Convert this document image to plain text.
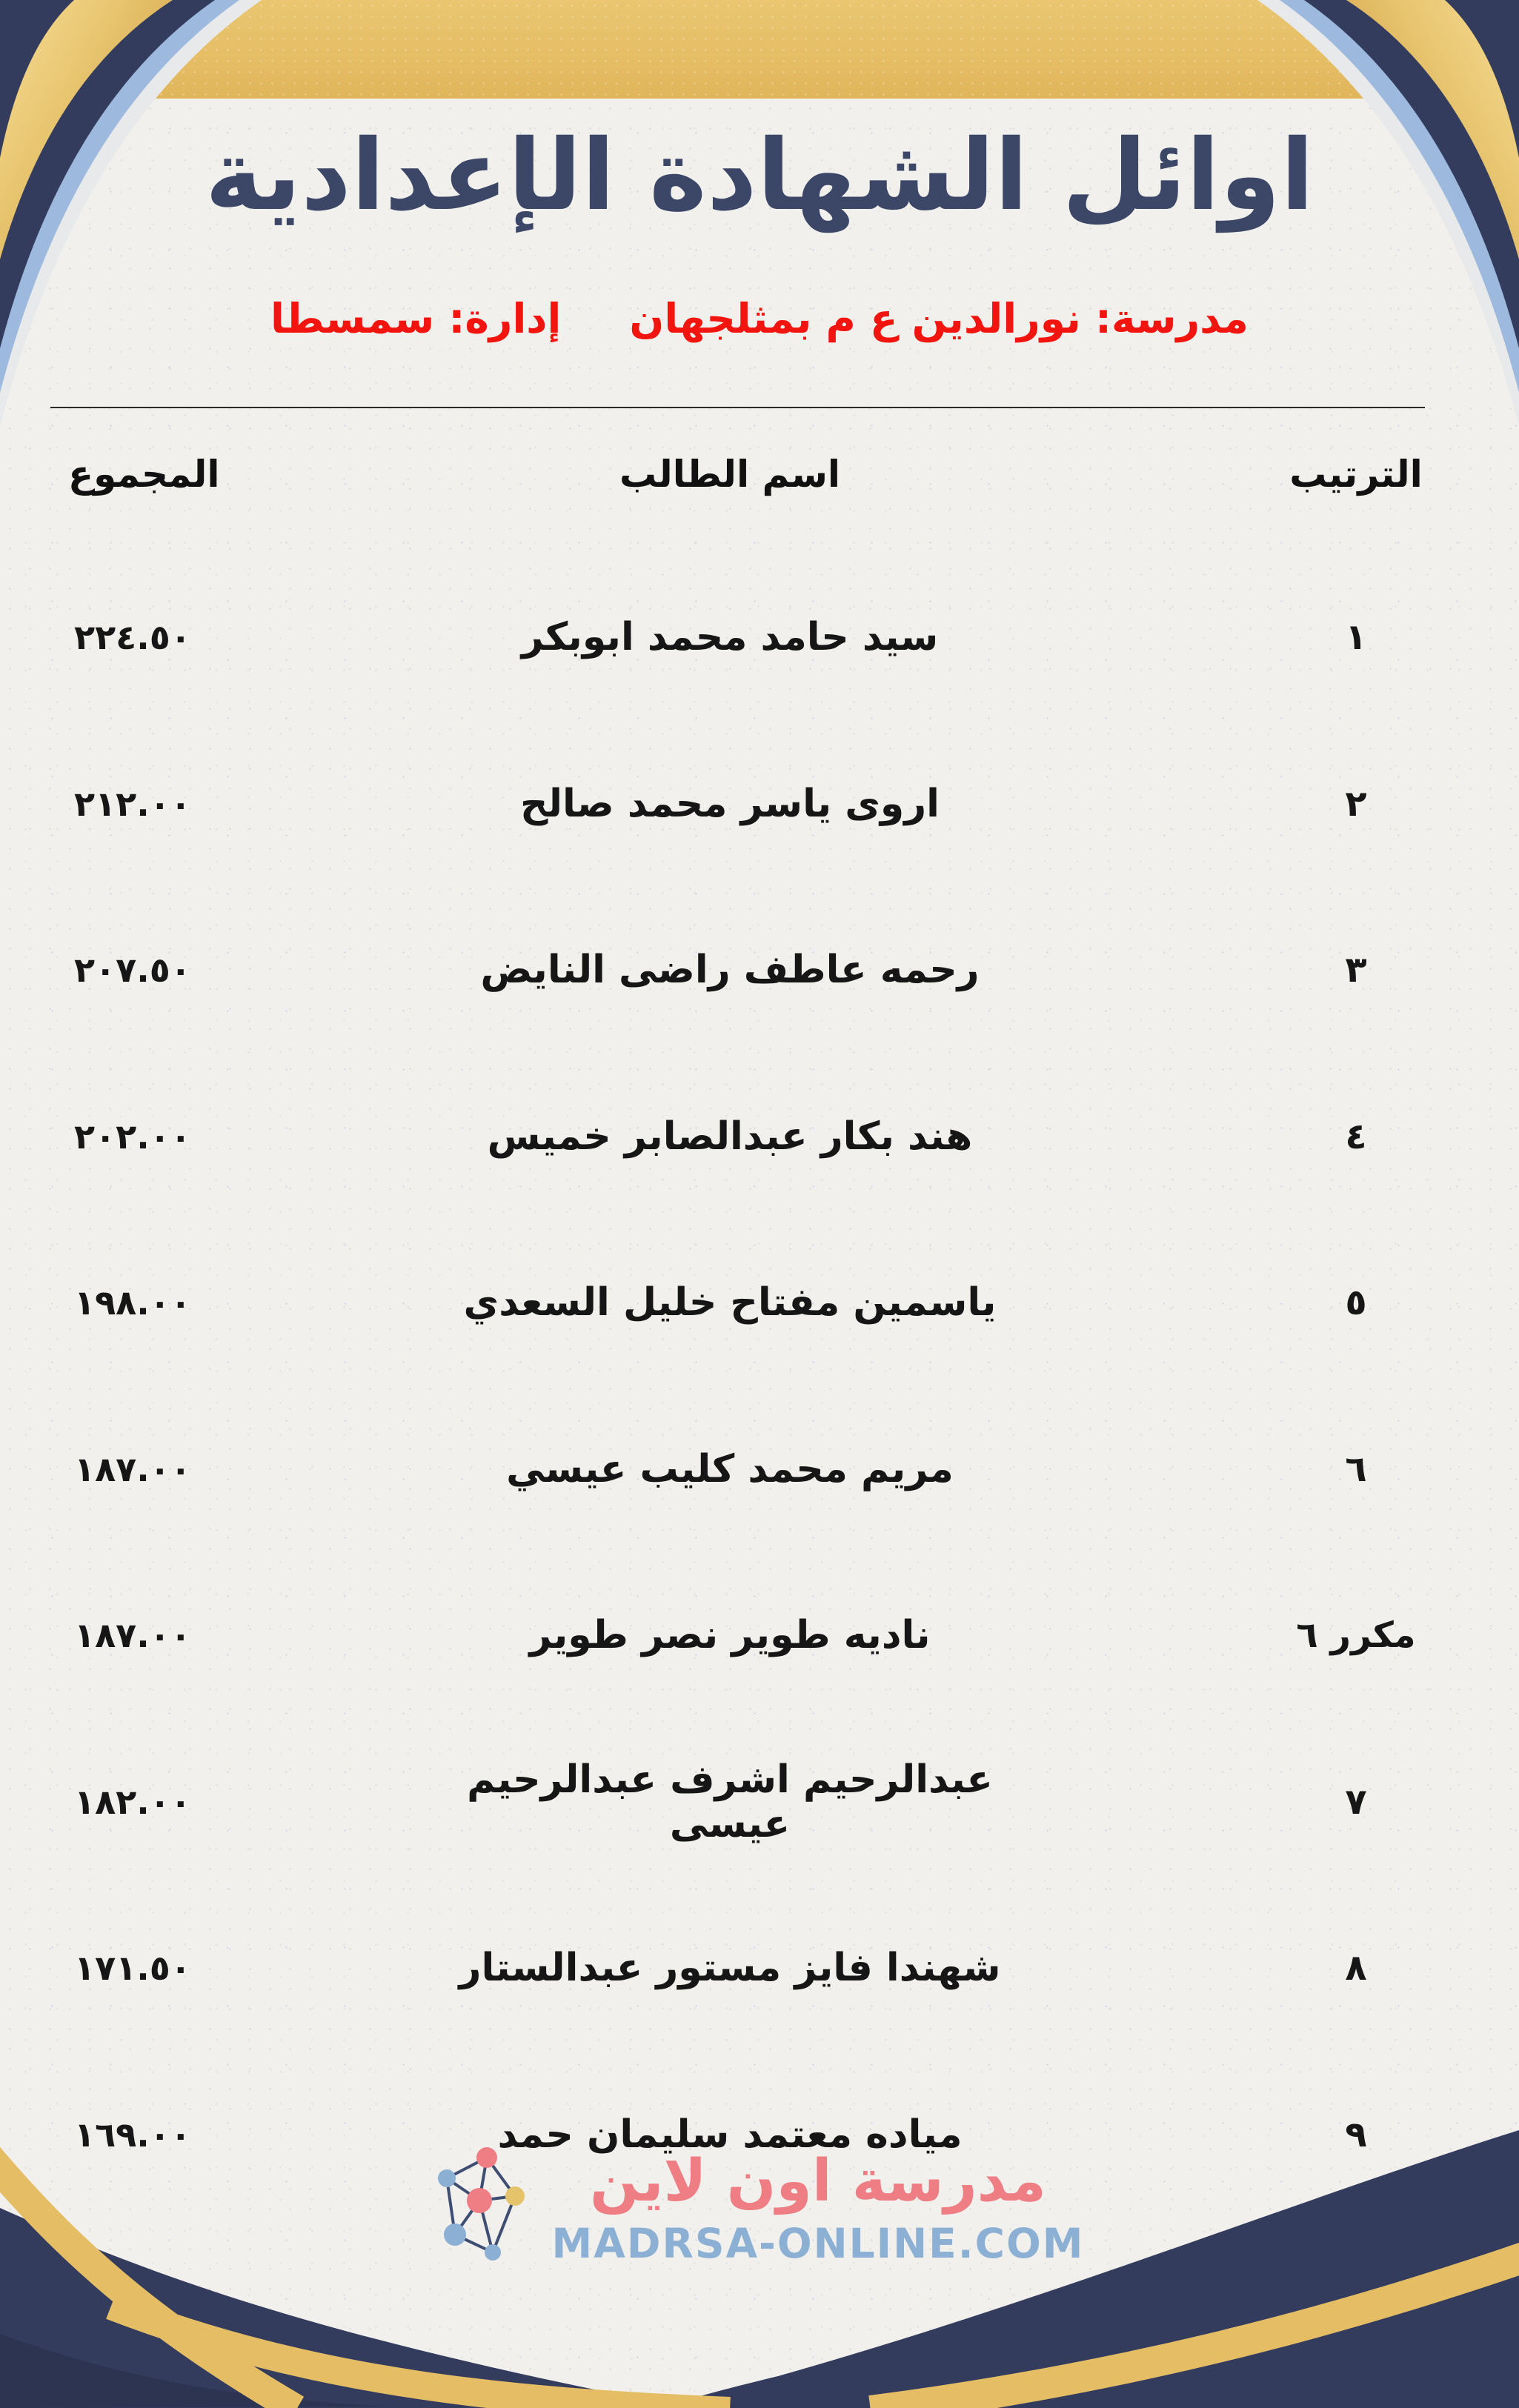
اوائل الشهادة الإعدادية
مدرسة: نورالدين ع م بمثلجهان
إدارة: سمسطا
الترتيب
اسم الطالب
المجموع
١
سيد حامد محمد ابوبكر
٢٢٤.٥٠
٢
اروى ياسر محمد صالح
٢١٢.٠٠
٣
رحمه عاطف راضى النايض
٢٠٧.٥٠
٤
هند بكار عبدالصابر خميس
٢٠٢.٠٠
٥
ياسمين مفتاح خليل السعدي
١٩٨.٠٠
٦
مريم محمد كليب عيسي
١٨٧.٠٠
مكرر ٦
ناديه طوير نصر طوير
١٨٧.٠٠
٧
عبدالرحيم اشرف عبدالرحيم عيسى
١٨٢.٠٠
٨
شهندا فايز مستور عبدالستار
١٧١.٥٠
٩
مياده معتمد سليمان حمد
١٦٩.٠٠
مدرسة اون لاين
MADRSA-ONLINE.COM
